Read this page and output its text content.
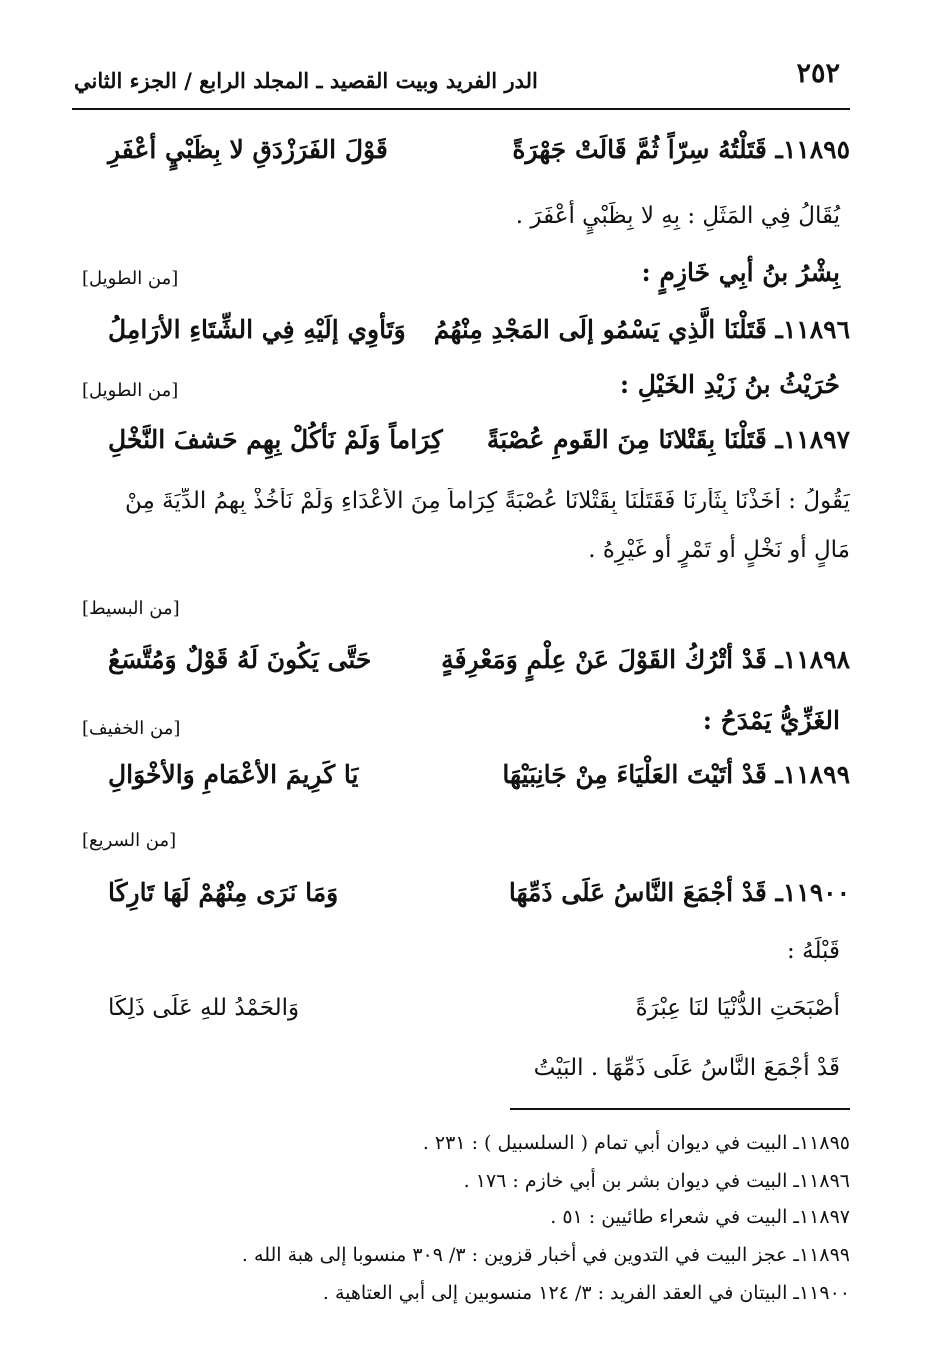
٢٥٢
الدر الفريد وبيت القصيد ـ المجلد الرابع / الجزء الثاني
١١٨٩٥ـ قَتَلْتُهُ سِرّاً ثُمَّ قَالَتْ جَهْرَةً
قَوْلَ الفَرَزْدَقِ لا بِظَبْيٍ أعْفَرِ
يُقَالُ فِي المَثَلِ : بِهِ لا بِظَبْيٍ أعْفَرَ .
[من الطويل]	بِشْرُ بنُ أبِي خَازِمٍ :
١١٨٩٦ـ قَتَلْنَا الَّذِي يَسْمُو إلَى المَجْدِ مِنْهُمُ
وَتَأوِي إلَيْهِ فِي الشِّتَاءِ الأرَامِلُ
[من الطويل]	حُرَيْثُ بنُ زَيْدِ الخَيْلِ :
١١٨٩٧ـ قَتَلْنَا بِقَتْلانَا مِنَ القَومِ عُصْبَةً
كِرَاماً وَلَمْ نَأكُلْ بِهِم حَشفَ النَّخْلِ
يَقُولُ : أخَذْنَا بِثَأرِنَا فَقَتَلْنَا بِقَتْلانَا عُصْبَةً كِرَاماً مِنَ الأعْدَاءِ وَلَمْ نَأخُذْ بِهِمُ الدِّيَةَ مِنْ
مَالٍ أو نَخْلٍ أو تَمْرٍ أو غَيْرِهُ .
[من البسيط]
١١٨٩٨ـ قَدْ أتْرُكُ القَوْلَ عَنْ عِلْمٍ وَمَعْرِفَةٍ
حَتَّى يَكُونَ لَهُ قَوْلٌ وَمُتَّسَعُ
[من الخفيف]	الغَزِّيُّ يَمْدَحُ :
١١٨٩٩ـ قَدْ أتَيْتَ العَلْيَاءَ مِنْ جَانِبَيْهَا
يَا كَرِيمَ الأعْمَامِ وَالأخْوَالِ
[من السريع]
١١٩٠٠ـ قَدْ أجْمَعَ النَّاسُ عَلَى ذَمِّهَا
وَمَا نَرَى مِنْهُمْ لَهَا تَارِكَا
قَبْلَهُ :
أصْبَحَتِ الدُّنْيَا لنَا عِبْرَةً
وَالحَمْدُ للهِ عَلَى ذَلِكَا
قَدْ أجْمَعَ النَّاسُ عَلَى ذَمِّهَا . البَيْتُ
١١٨٩٥ـ البيت في ديوان أبي تمام ( السلسبيل ) : ٢٣١ .
١١٨٩٦ـ البيت في ديوان بشر بن أبي خازم : ١٧٦ .
١١٨٩٧ـ البيت في شعراء طائيين : ٥١ .
١١٨٩٩ـ عجز البيت في التدوين في أخبار قزوين : ٣/ ٣٠٩ منسوبا إلى هبة الله .
١١٩٠٠ـ البيتان في العقد الفريد : ٣/ ١٢٤ منسوبين إلى أبي العتاهية .
